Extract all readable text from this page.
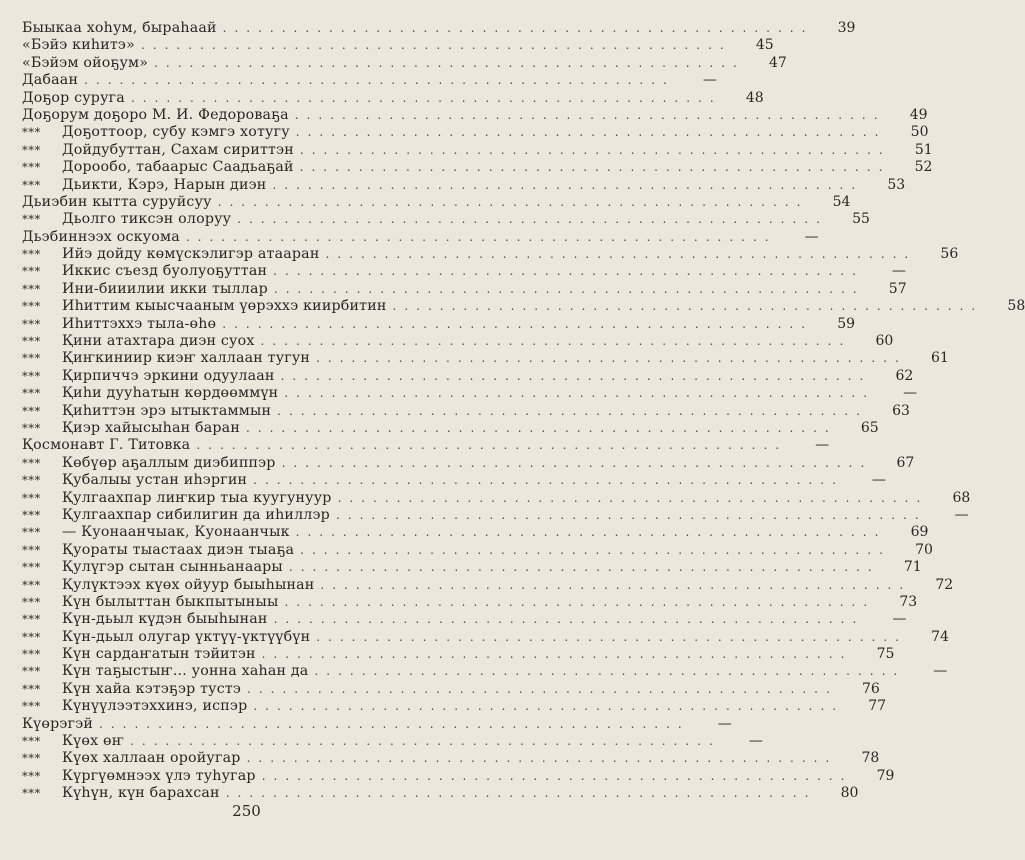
Быыкаа хоһум, быраһаай ..................................................	39
«Бэйэ киһитэ» ..................................................	45
«Бэйэм ойоҕум» ..................................................	47
Дабаан ..................................................	—
Доҕор суруга ..................................................	48
Доҕорум доҕоро М. И. Федороваҕа ..................................................	49
***	Доҕоттоор, субу кэмгэ хотугу ..................................................	50
***	Дойдубуттан, Сахам сириттэн ..................................................	51
***	Дорообо, табаарыс Саадьаҕай ..................................................	52
***	Дьикти, Кэрэ, Нарын диэн ..................................................	53
Дьиэбин кытта суруйсуу ..................................................	54
***	Дьолго тиксэн олоруу ..................................................	55
Дьэбиннээх оскуома ..................................................	—
***	Ийэ дойду көмүскэлигэр атааран ..................................................	56
***	Иккис съезд буолуоҕуттан ..................................................	—
***	Ини-бииилии икки тыллар ..................................................	57
***	Иһиттим кыысчааным үөрэххэ киирбитин ..................................................	58
***	Иһиттэххэ тыла-өһө ..................................................	59
***	Қини атахтара диэн суох ..................................................	60
***	Қиҥкиниир киэҥ халлаан тугун ..................................................	61
***	Қирпиччэ эркини одуулаан ..................................................	62
***	Қиһи дууһатын көрдөөммүн ..................................................	—
***	Қиһиттэн эрэ ытыктаммын ..................................................	63
***	Қиэр хайысыһан баран ..................................................	65
Қосмонавт Г. Титовка ..................................................	—
***	Көбүөр аҕаллым диэбиппэр ..................................................	67
***	Қубалыы устан иһэргин ..................................................	—
***	Қулгаахпар лиҥкир тыа куугунуур ..................................................	68
***	Қулгаахпар сибилигин да иһиллэр ..................................................	—
***	— Куонаанчыак, Куонаанчык ..................................................	69
***	Қуораты тыастаах диэн тыаҕа ..................................................	70
***	Қулүгэр сытан сынньанаары ..................................................	71
***	Қулүктээх күөх ойуур быыһынан ..................................................	72
***	Күн былыттан быкпытыныы ..................................................	73
***	Күн-дьыл күдэн быыһынан ..................................................	—
***	Күн-дьыл олугар үктүү-үктүүбүн ..................................................	74
***	Күн сардаҥатын тэйитэн ..................................................	75
***	Күн таҕыстыҥ... уонна хаһан да ..................................................	—
***	Күн хайа кэтэҕэр тустэ ..................................................	76
***	Күнүүлээтэххинэ, испэр ..................................................	77
Күөрэгэй ..................................................	—
***	Күөх өҥ ..................................................	—
***	Күөх халлаан оройугар ..................................................	78
***	Күргүөмнээх үлэ туһугар ..................................................	79
***	Күһүн, күн барахсан ..................................................	80
250
